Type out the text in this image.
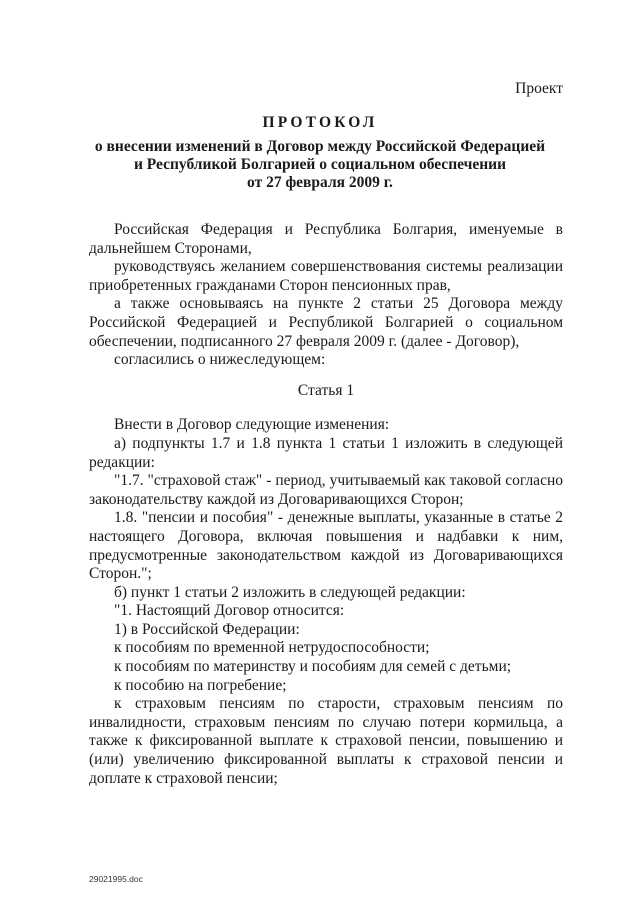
Проект
ПРОТОКОЛ
о внесении изменений в Договор между Российской Федерацией
и Республикой Болгарией о социальном обеспечении
от 27 февраля 2009 г.

Российская Федерация и Республика Болгария, именуемые в дальнейшем Сторонами,

руководствуясь желанием совершенствования системы реализации приобретенных гражданами Сторон пенсионных прав,

а также основываясь на пункте 2 статьи 25 Договора между Российской Федерацией и Республикой Болгарией о социальном обеспечении, подписанного 27 февраля 2009 г. (далее - Договор),

согласились о нижеследующем:

Статья 1

Внести в Договор следующие изменения:

а) подпункты 1.7 и 1.8 пункта 1 статьи 1 изложить в следующей редакции:

"1.7. "страховой стаж" - период, учитываемый как таковой согласно законодательству каждой из Договаривающихся Сторон;

1.8. "пенсии и пособия" - денежные выплаты, указанные в статье 2 настоящего Договора, включая повышения и надбавки к ним, предусмотренные законодательством каждой из Договаривающихся Сторон.";

б) пункт 1 статьи 2 изложить в следующей редакции:

"1. Настоящий Договор относится:

1) в Российской Федерации:

к пособиям по временной нетрудоспособности;

к пособиям по материнству и пособиям для семей с детьми;

к пособию на погребение;

к страховым пенсиям по старости, страховым пенсиям по инвалидности, страховым пенсиям по случаю потери кормильца, а также к фиксированной выплате к страховой пенсии, повышению и (или) увеличению фиксированной выплаты к страховой пенсии и доплате к страховой пенсии;

29021995.doc
